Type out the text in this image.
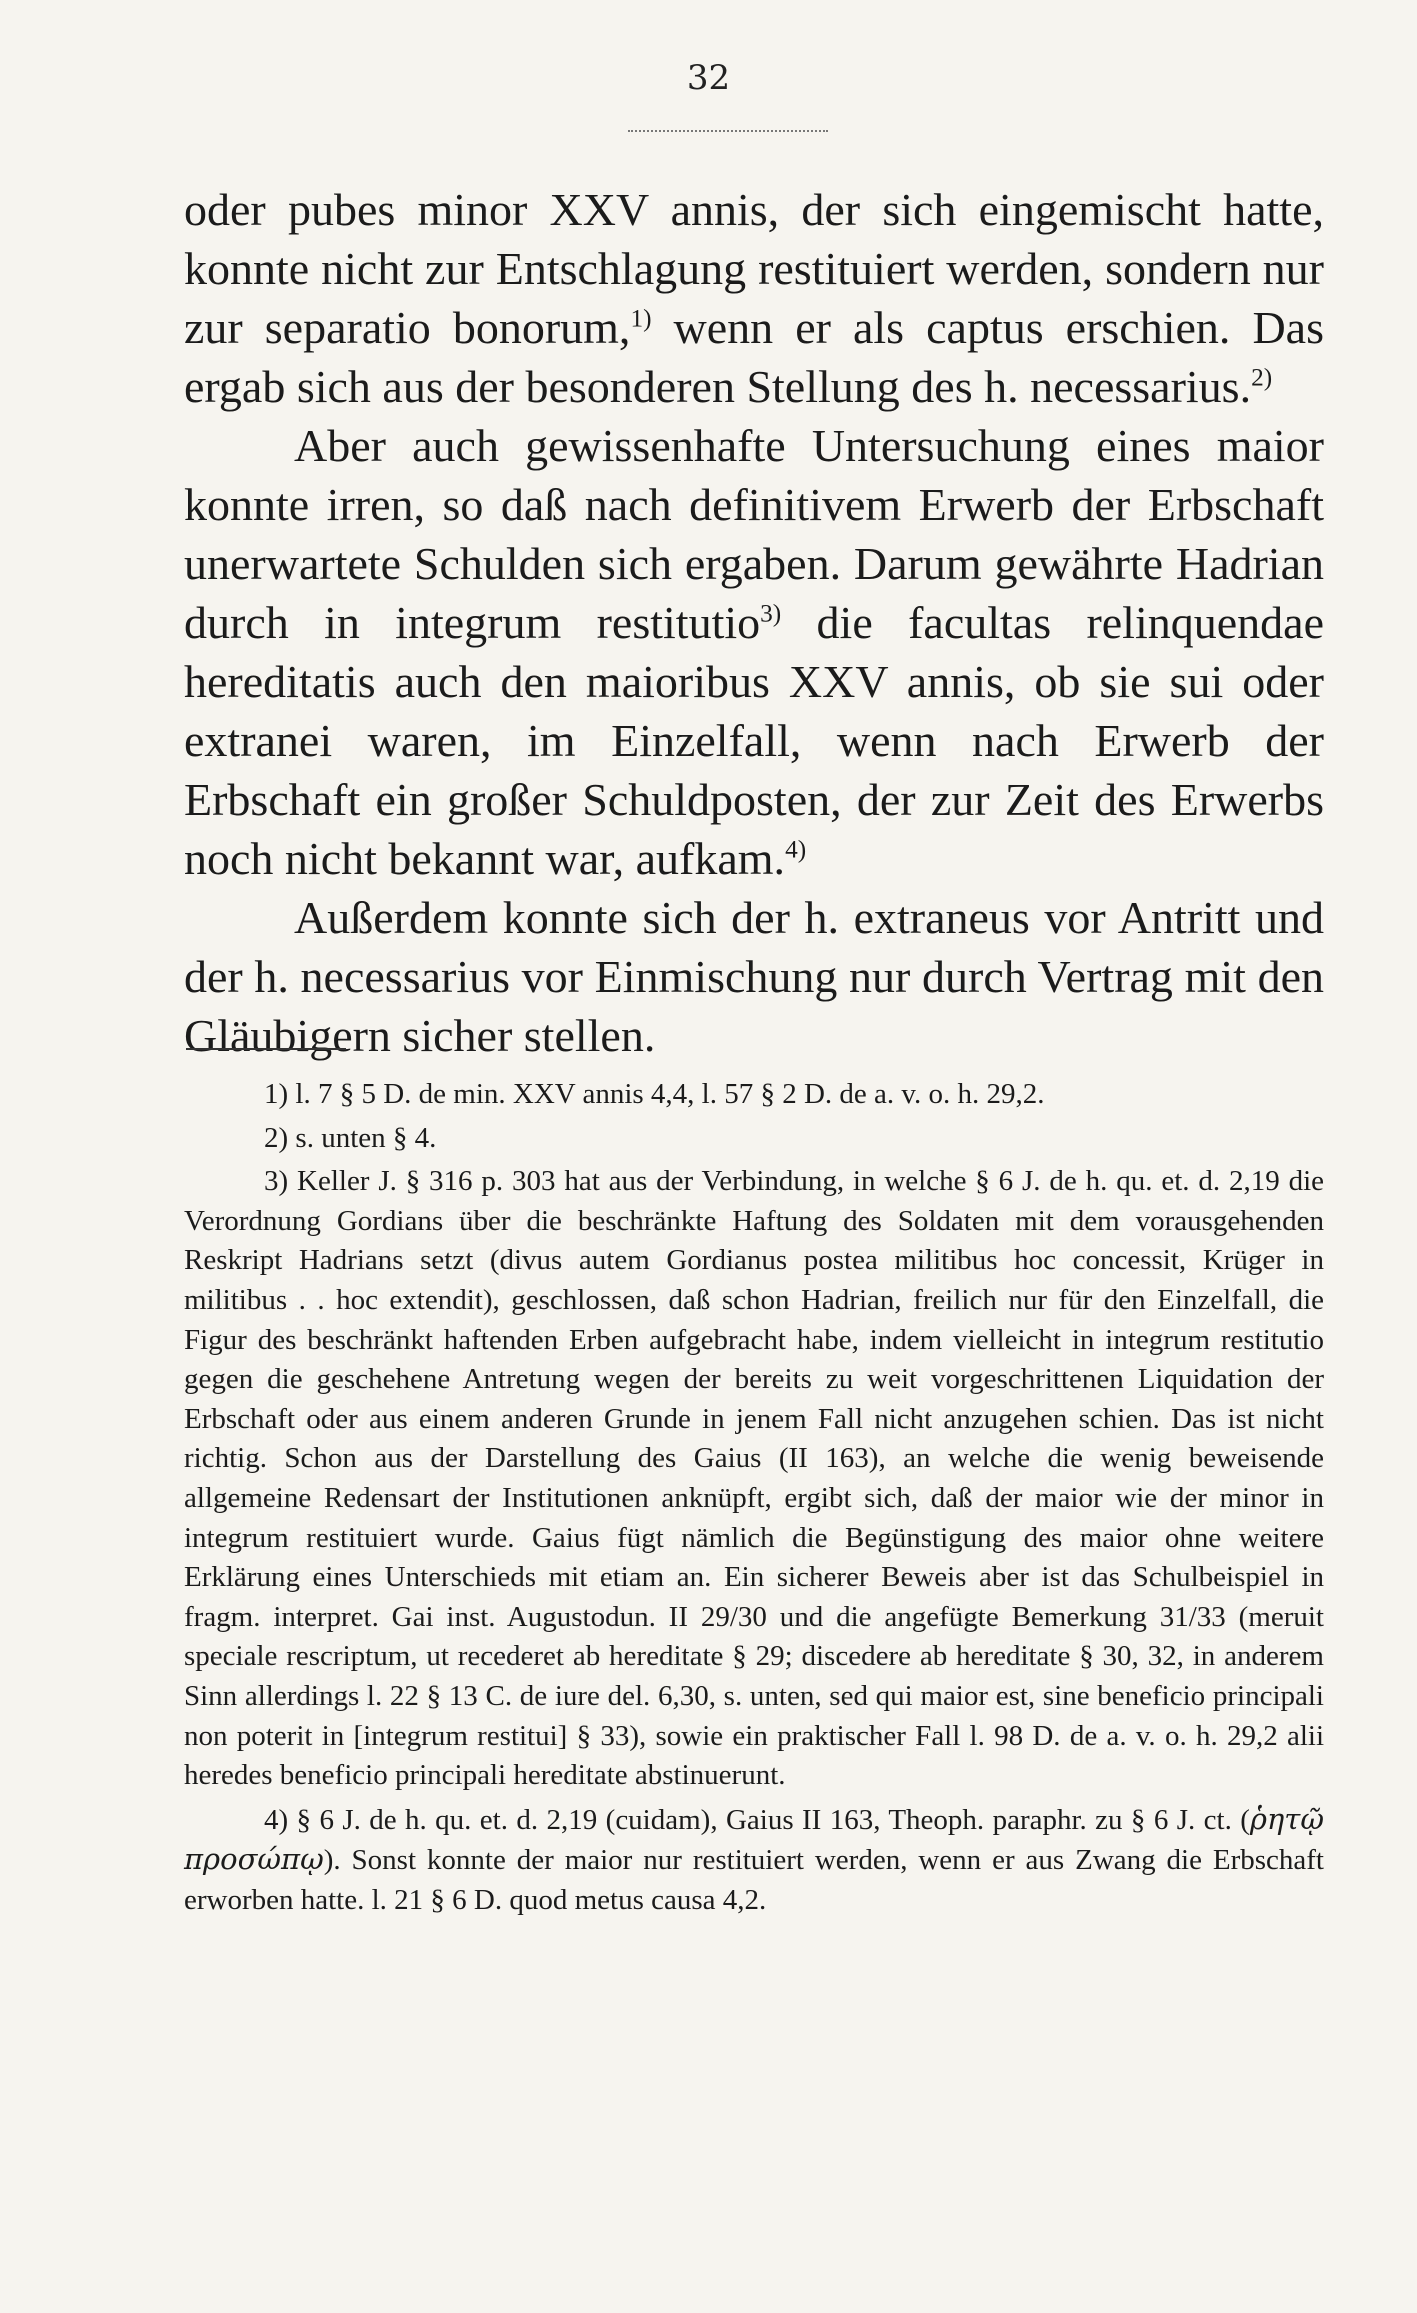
32

oder pubes minor XXV annis, der sich eingemischt hatte, konnte nicht zur Entschlagung restituiert werden, sondern nur zur separatio bonorum,$^{1)}$ wenn er als captus erschien. Das ergab sich aus der besonderen Stellung des h. necessarius.$^{2)}$

Aber auch gewissenhafte Untersuchung eines maior konnte irren, so daß nach definitivem Erwerb der Erbschaft unerwartete Schulden sich ergaben. Darum gewährte Hadrian durch in integrum restitutio$^{3)}$ die facultas relinquendae hereditatis auch den maioribus XXV annis, ob sie sui oder extranei waren, im Einzelfall, wenn nach Erwerb der Erbschaft ein großer Schuldposten, der zur Zeit des Erwerbs noch nicht bekannt war, aufkam.$^{4)}$

Außerdem konnte sich der h. extraneus vor Antritt und der h. necessarius vor Einmischung nur durch Vertrag mit den Gläubigern sicher stellen.

1) l. 7 § 5 D. de min. XXV annis 4,4, l. 57 § 2 D. de a. v. o. h. 29,2.

2) s. unten § 4.

3) Keller J. § 316 p. 303 hat aus der Verbindung, in welche § 6 J. de h. qu. et. d. 2,19 die Verordnung Gordians über die beschränkte Haftung des Soldaten mit dem vorausgehenden Reskript Hadrians setzt (divus autem Gordianus postea militibus hoc concessit, Krüger in militibus . . hoc extendit), geschlossen, daß schon Hadrian, freilich nur für den Einzelfall, die Figur des beschränkt haftenden Erben aufgebracht habe, indem vielleicht in integrum restitutio gegen die geschehene Antretung wegen der bereits zu weit vorgeschrittenen Liquidation der Erbschaft oder aus einem anderen Grunde in jenem Fall nicht anzugehen schien. Das ist nicht richtig. Schon aus der Darstellung des Gaius (II 163), an welche die wenig beweisende allgemeine Redensart der Institutionen anknüpft, ergibt sich, daß der maior wie der minor in integrum restituiert wurde. Gaius fügt nämlich die Begünstigung des maior ohne weitere Erklärung eines Unterschieds mit etiam an. Ein sicherer Beweis aber ist das Schulbeispiel in fragm. interpret. Gai inst. Augustodun. II 29/30 und die angefügte Bemerkung 31/33 (meruit speciale rescriptum, ut recederet ab hereditate § 29; discedere ab hereditate § 30, 32, in anderem Sinn allerdings l. 22 § 13 C. de iure del. 6,30, s. unten, sed qui maior est, sine beneficio principali non poterit in [integrum restitui] § 33), sowie ein praktischer Fall l. 98 D. de a. v. o. h. 29,2 alii heredes beneficio principali hereditate abstinuerunt.

4) § 6 J. de h. qu. et. d. 2,19 (cuidam), Gaius II 163, Theoph. paraphr. zu § 6 J. ct. (ῥητῷ προσώπῳ). Sonst konnte der maior nur restituiert werden, wenn er aus Zwang die Erbschaft erworben hatte. l. 21 § 6 D. quod metus causa 4,2.
